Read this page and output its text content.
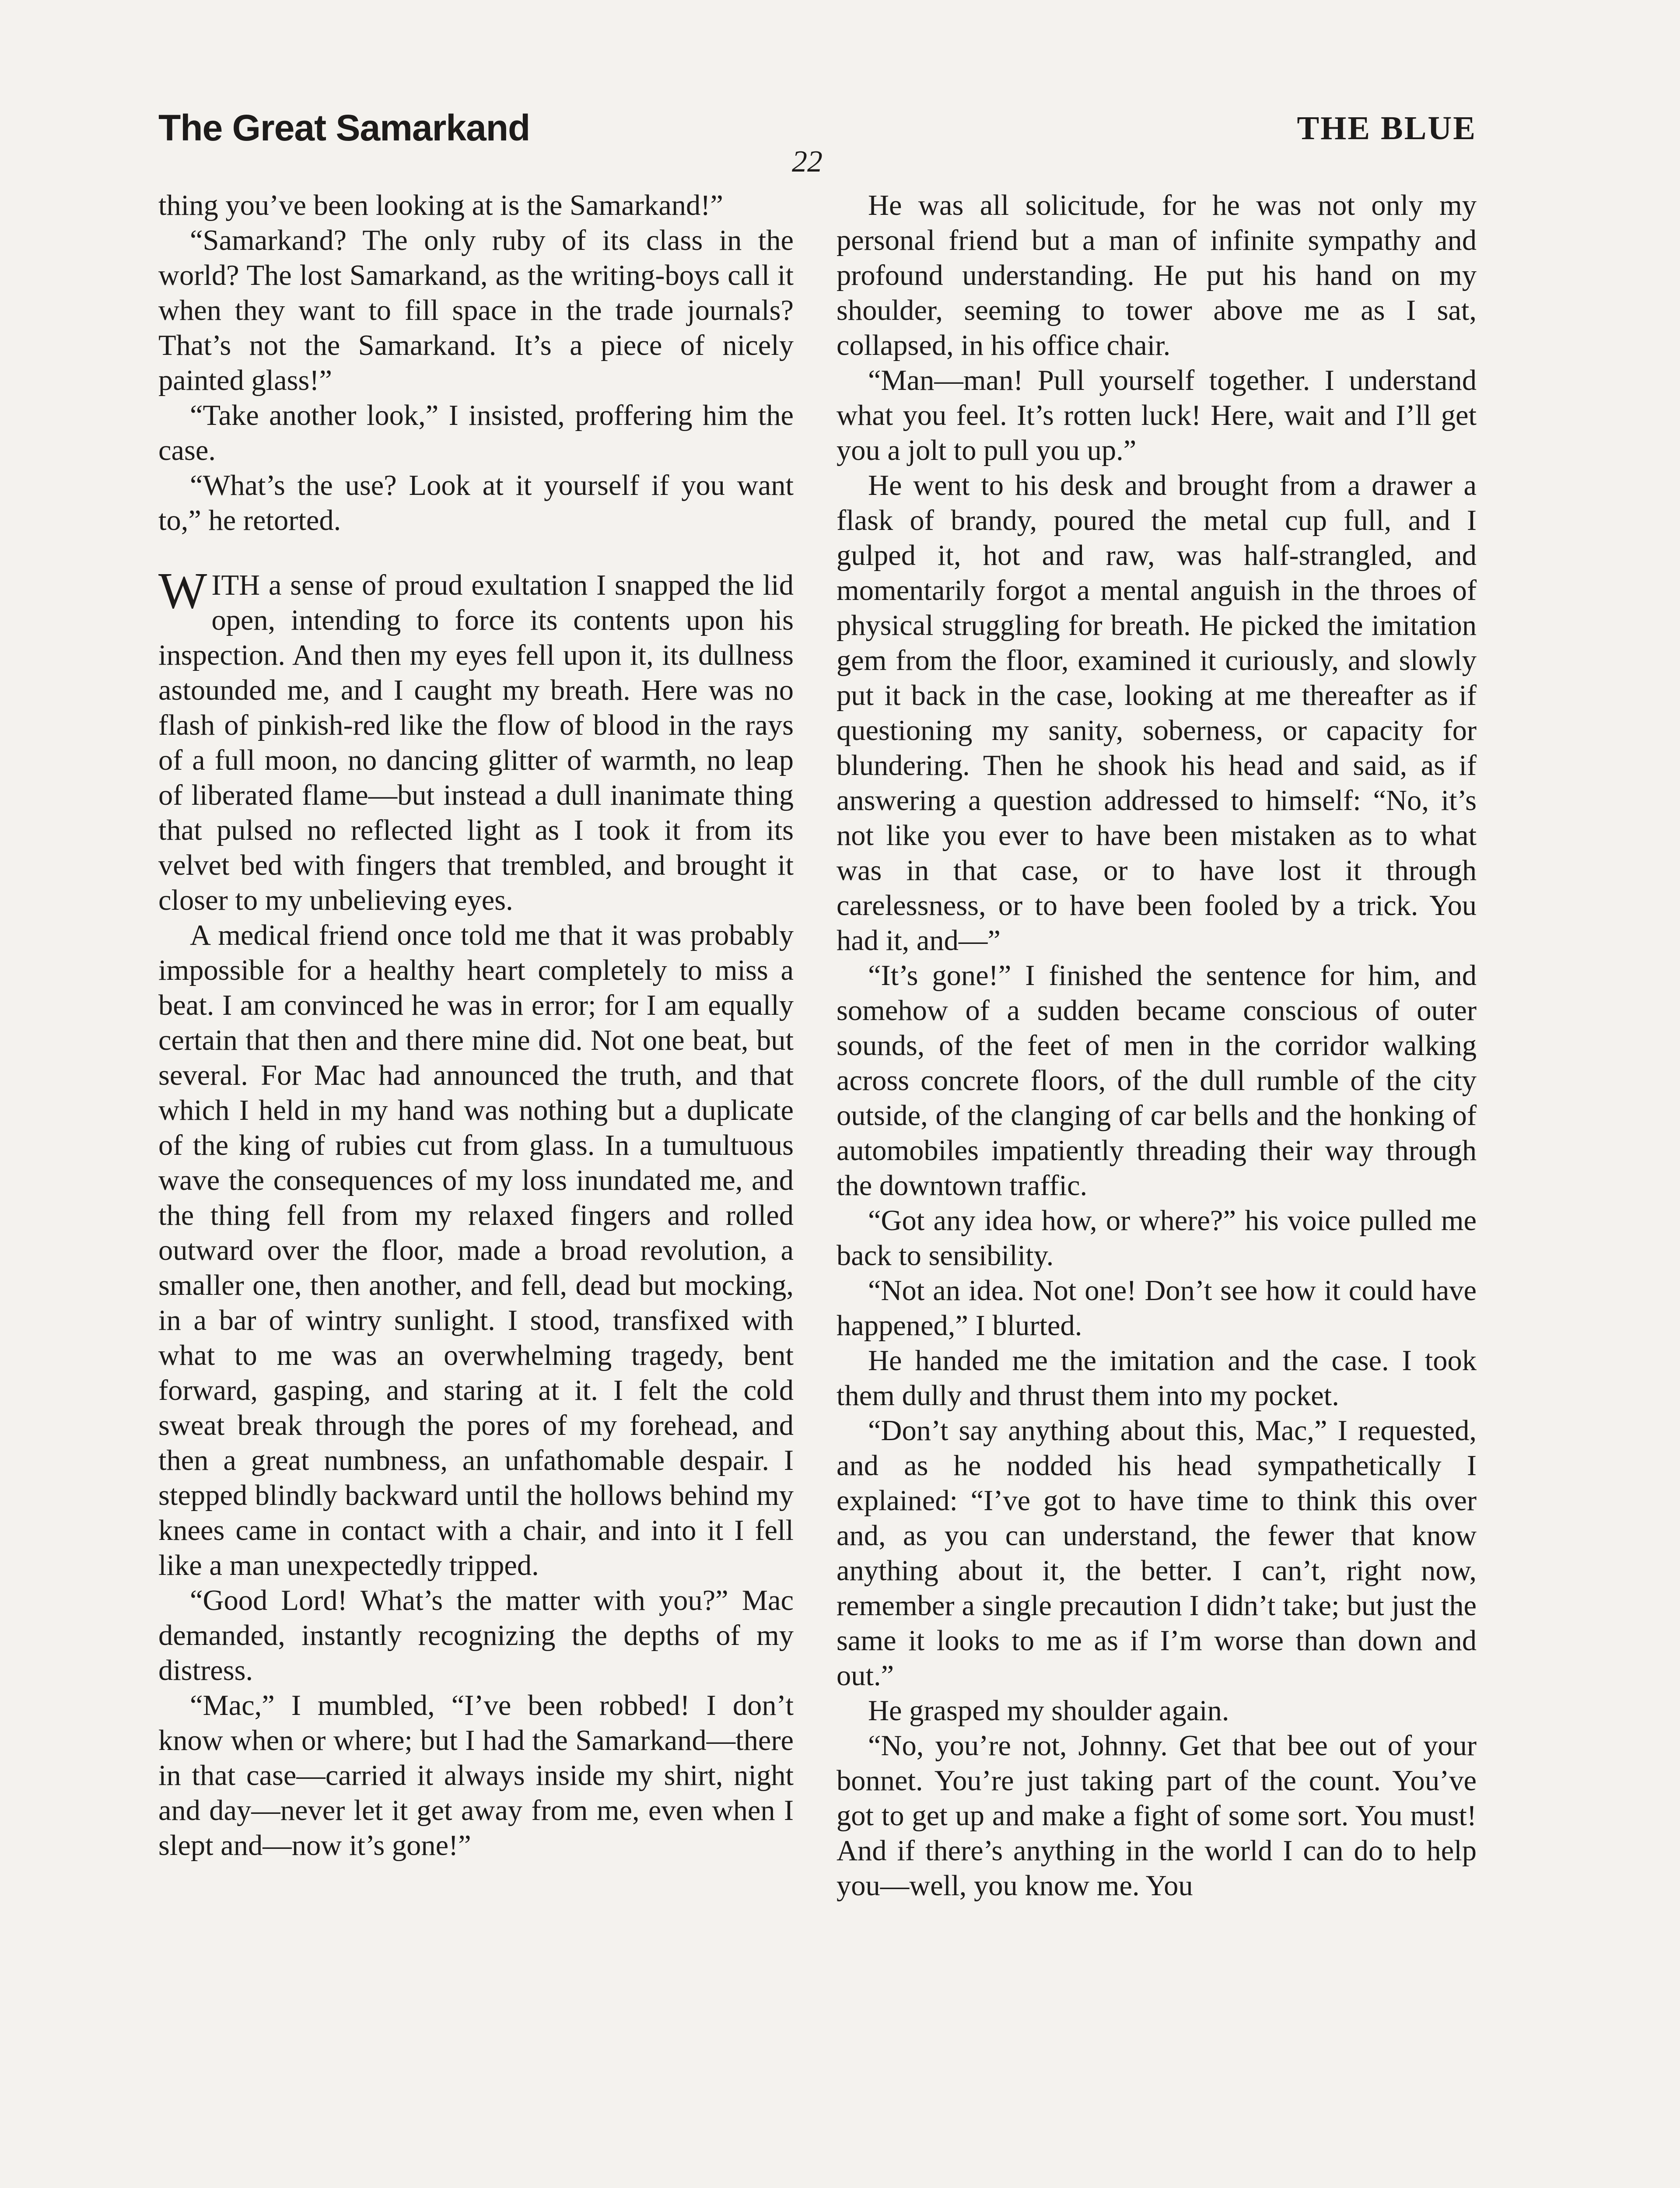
The Great Samarkand	THE BLUE
22

thing you’ve been looking at is the Samarkand!”

“Samarkand? The only ruby of its class in the world? The lost Samarkand, as the writing-boys call it when they want to fill space in the trade journals? That’s not the Samarkand. It’s a piece of nicely painted glass!”

“Take another look,” I insisted, proffering him the case.

“What’s the use? Look at it yourself if you want to,” he retorted.

WITH a sense of proud exultation I snapped the lid open, intending to force its contents upon his inspection. And then my eyes fell upon it, its dullness astounded me, and I caught my breath. Here was no flash of pinkish-red like the flow of blood in the rays of a full moon, no dancing glitter of warmth, no leap of liberated flame—but instead a dull inanimate thing that pulsed no reflected light as I took it from its velvet bed with fingers that trembled, and brought it closer to my unbelieving eyes.

A medical friend once told me that it was probably impossible for a healthy heart completely to miss a beat. I am convinced he was in error; for I am equally certain that then and there mine did. Not one beat, but several. For Mac had announced the truth, and that which I held in my hand was nothing but a duplicate of the king of rubies cut from glass. In a tumultuous wave the consequences of my loss inundated me, and the thing fell from my relaxed fingers and rolled outward over the floor, made a broad revolution, a smaller one, then another, and fell, dead but mocking, in a bar of wintry sunlight. I stood, transfixed with what to me was an overwhelming tragedy, bent forward, gasping, and staring at it. I felt the cold sweat break through the pores of my forehead, and then a great numbness, an unfathomable despair. I stepped blindly backward until the hollows behind my knees came in contact with a chair, and into it I fell like a man unexpectedly tripped.

“Good Lord! What’s the matter with you?” Mac demanded, instantly recognizing the depths of my distress.

“Mac,” I mumbled, “I’ve been robbed! I don’t know when or where; but I had the Samarkand—there in that case—carried it always inside my shirt, night and day—never let it get away from me, even when I slept and—now it’s gone!”

He was all solicitude, for he was not only my personal friend but a man of infinite sympathy and profound understanding. He put his hand on my shoulder, seeming to tower above me as I sat, collapsed, in his office chair.

“Man—man! Pull yourself together. I understand what you feel. It’s rotten luck! Here, wait and I’ll get you a jolt to pull you up.”

He went to his desk and brought from a drawer a flask of brandy, poured the metal cup full, and I gulped it, hot and raw, was half-strangled, and momentarily forgot a mental anguish in the throes of physical struggling for breath. He picked the imitation gem from the floor, examined it curiously, and slowly put it back in the case, looking at me thereafter as if questioning my sanity, soberness, or capacity for blundering. Then he shook his head and said, as if answering a question addressed to himself: “No, it’s not like you ever to have been mistaken as to what was in that case, or to have lost it through carelessness, or to have been fooled by a trick. You had it, and—”

“It’s gone!” I finished the sentence for him, and somehow of a sudden became conscious of outer sounds, of the feet of men in the corridor walking across concrete floors, of the dull rumble of the city outside, of the clanging of car bells and the honking of automobiles impatiently threading their way through the downtown traffic.

“Got any idea how, or where?” his voice pulled me back to sensibility.

“Not an idea. Not one! Don’t see how it could have happened,” I blurted.

He handed me the imitation and the case. I took them dully and thrust them into my pocket.

“Don’t say anything about this, Mac,” I requested, and as he nodded his head sympathetically I explained: “I’ve got to have time to think this over and, as you can understand, the fewer that know anything about it, the better. I can’t, right now, remember a single precaution I didn’t take; but just the same it looks to me as if I’m worse than down and out.”

He grasped my shoulder again.

“No, you’re not, Johnny. Get that bee out of your bonnet. You’re just taking part of the count. You’ve got to get up and make a fight of some sort. You must! And if there’s anything in the world I can do to help you—well, you know me. You
